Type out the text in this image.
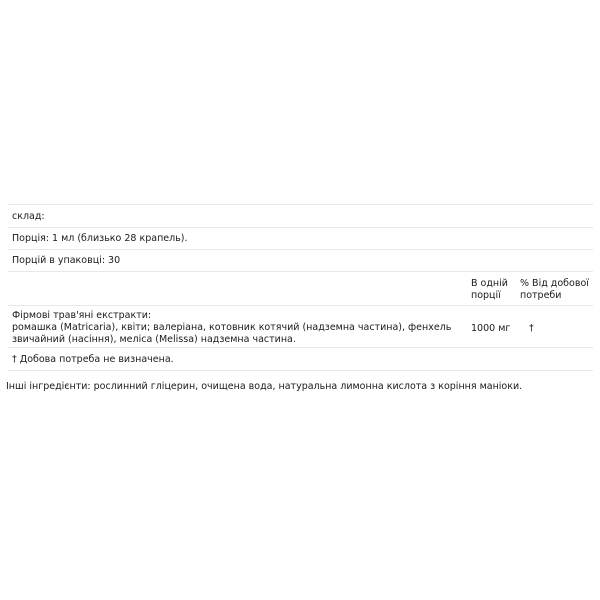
склад:
Порція: 1 мл (близько 28 крапель).
Порцій в упаковці: 30
В одній порції
% Від добової потреби
Фірмові трав'яні екстракти:
ромашка (Matricaria), квіти; валеріана, котовник котячий (надземна частина), фенхель
звичайний (насіння), меліса (Melissa) надземна частина.
1000 мг †
† Добова потреба не визначена.
Інші інгредієнти: рослинний гліцерин, очищена вода, натуральна лимонна кислота з коріння маніоки.
